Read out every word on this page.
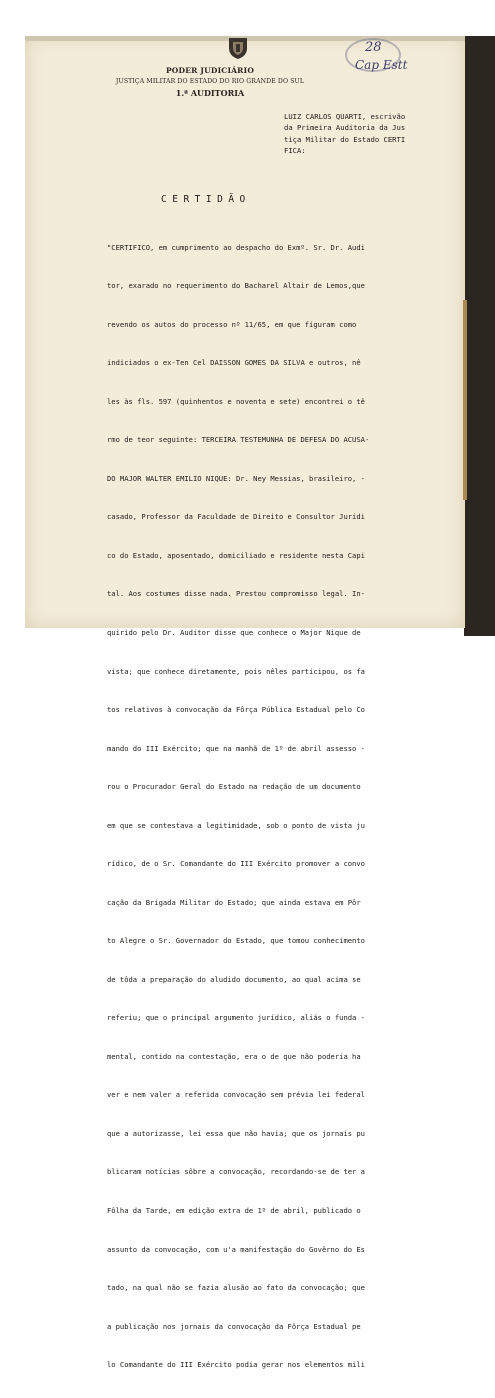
28
Cap Estt
PODER JUDICIÁRIO
JUSTIÇA MILITAR DO ESTADO DO RIO GRANDE DO SUL
1.ª AUDITORIA
LUIZ CARLOS QUARTI, escrivão
da Primeira Auditoria da Jus
tiça Militar do Estado CERTI
FICA:
CERTIDÃO

"CERTIFICO, em cumprimento ao despacho do Exmº. Sr. Dr. Audi

tor, exarado no requerimento do Bacharel Altair de Lemos,que

revendo os autos do processo nº 11/65, em que figuram como

indiciados o ex-Ten Cel DAISSON GOMES DA SILVA e outros, nê

les às fls. 597 (quinhentos e noventa e sete) encontrei o tê

rmo de teor seguinte: TERCEIRA TESTEMUNHA DE DEFESA DO ACUSA-

DO MAJOR WALTER EMILIO NIQUE: Dr. Ney Messias, brasileiro, -

casado, Professor da Faculdade de Direito e Consultor Jurídi

co do Estado, aposentado, domiciliado e residente nesta Capi

tal. Aos costumes disse nada. Prestou compromisso legal. In-

quirido pelo Dr. Auditor disse que conhece o Major Nique de

vista; que conhece diretamente, pois nêles participou, os fa

tos relativos à convocação da Fôrça Pública Estadual pelo Co

mando do III Exército; que na manhã de 1º de abril assesso -

rou o Procurador Geral do Estado na redação de um documento

em que se contestava a legitimidade, sob o ponto de vista ju

rídico, de o Sr. Comandante do III Exército promover a convo

cação da Brigada Militar do Estado; que ainda estava em Pôr

to Alegre o Sr. Governador do Estado, que tomou conhecimento

de tôda a preparação do aludido documento, ao qual acima se

referiu; que o principal argumento jurídico, aliás o funda -

mental, contido na contestação, era o de que não poderia ha

ver e nem valer a referida convocação sem prévia lei federal

que a autorizasse, lei essa que não havia; que os jornais pu

blicaram notícias sôbre a convocação, recordando-se de ter a

Fôlha da Tarde, em edição extra de 1º de abril, publicado o

assunto da convocação, com u'a manifestação do Govêrno do Es

tado, na qual não se fazia alusão ao fato da convocação; que

a publicação nos jornais da convocação da Fôrça Estadual pe

lo Comandante do III Exército podia gerar nos elementos mili
